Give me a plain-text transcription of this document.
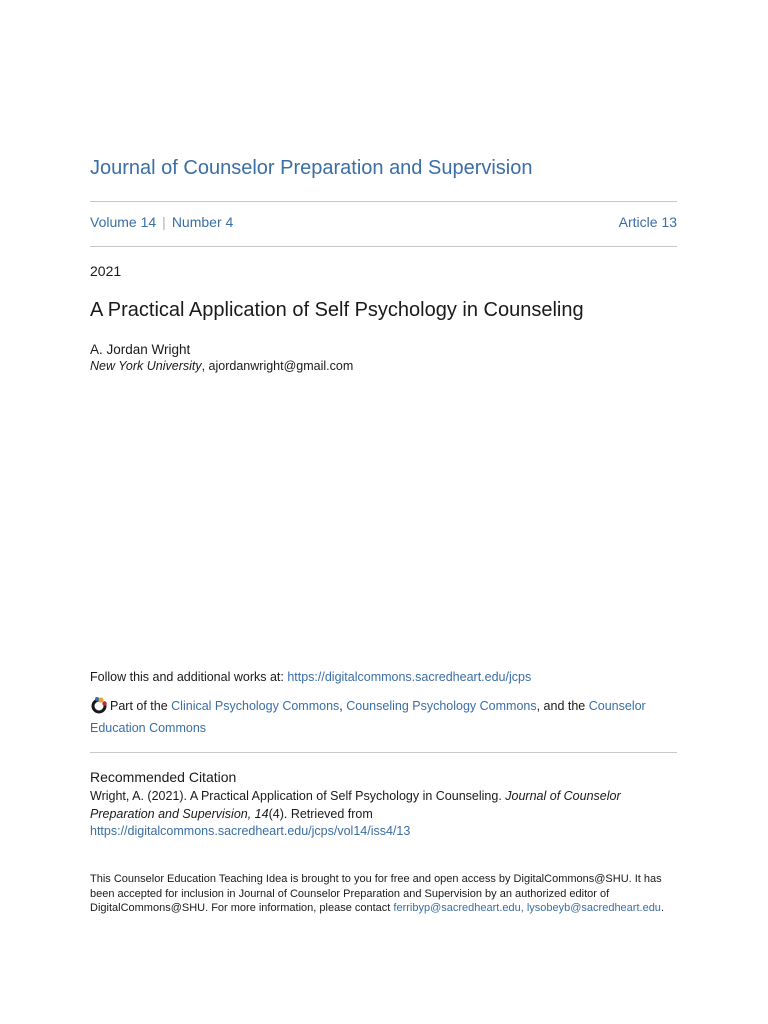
Journal of Counselor Preparation and Supervision
Volume 14 | Number 4	Article 13
2021
A Practical Application of Self Psychology in Counseling
A. Jordan Wright
New York University, ajordanwright@gmail.com
Follow this and additional works at: https://digitalcommons.sacredheart.edu/jcps
Part of the Clinical Psychology Commons, Counseling Psychology Commons, and the Counselor Education Commons
Recommended Citation
Wright, A. (2021). A Practical Application of Self Psychology in Counseling. Journal of Counselor Preparation and Supervision, 14(4). Retrieved from https://digitalcommons.sacredheart.edu/jcps/vol14/iss4/13
This Counselor Education Teaching Idea is brought to you for free and open access by DigitalCommons@SHU. It has been accepted for inclusion in Journal of Counselor Preparation and Supervision by an authorized editor of DigitalCommons@SHU. For more information, please contact ferribyp@sacredheart.edu, lysobeyb@sacredheart.edu.
